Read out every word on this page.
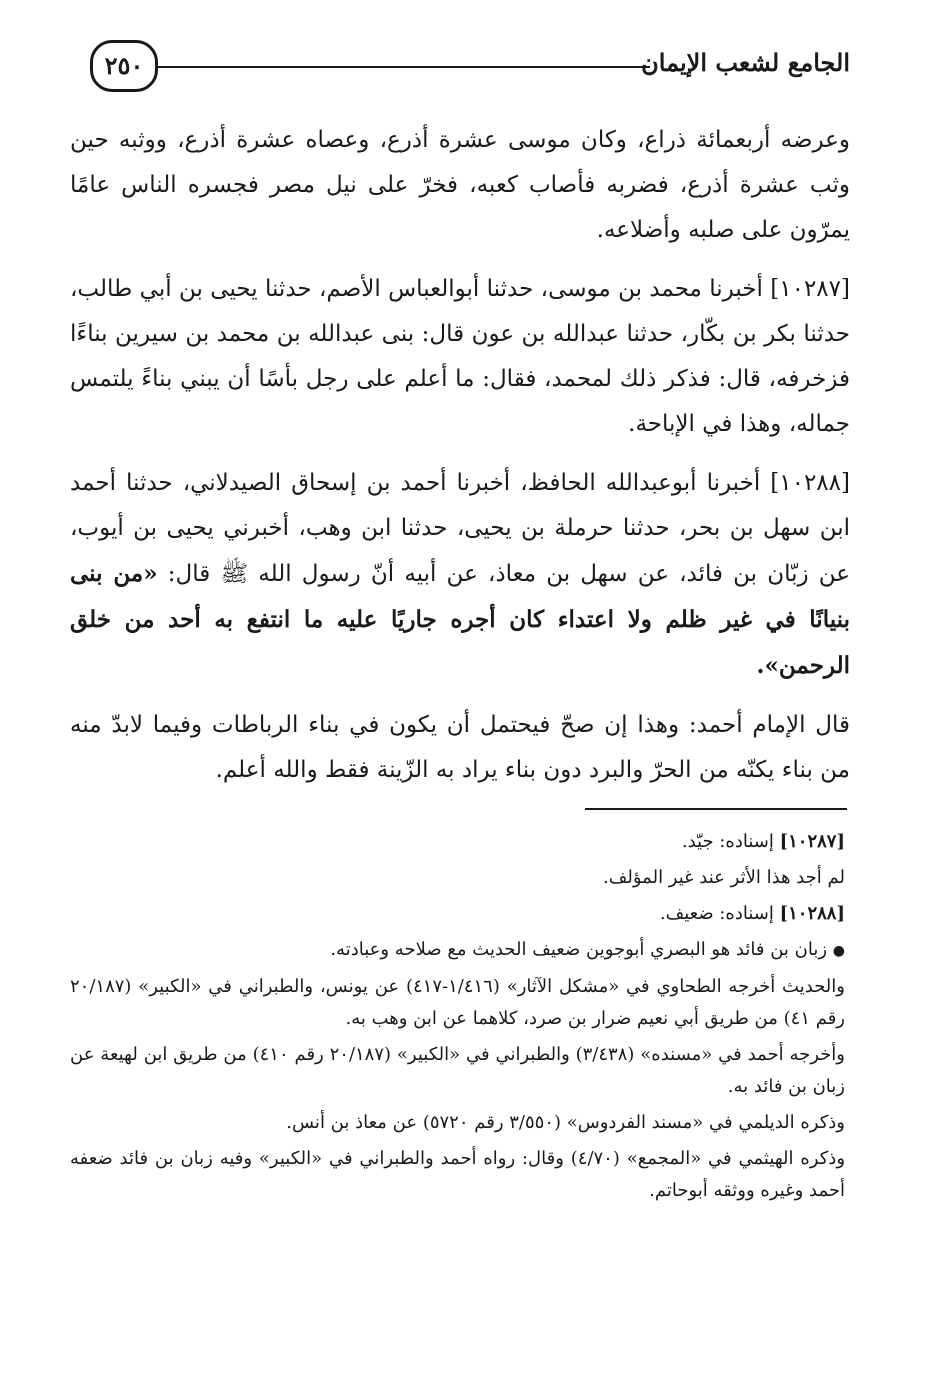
٢٥٠	الجامع لشعب الإيمان

وعرضه أربعمائة ذراع، وكان موسى عشرة أذرع، وعصاه عشرة أذرع، ووثبه حين وثب عشرة أذرع، فضربه فأصاب كعبه، فخرّ على نيل مصر فجسره الناس عامًا يمرّون على صلبه وأضلاعه.

[١٠٢٨٧] أخبرنا محمد بن موسى، حدثنا أبوالعباس الأصم، حدثنا يحيى بن أبي طالب، حدثنا بكر بن بكّار، حدثنا عبدالله بن عون قال: بنى عبدالله بن محمد بن سيرين بناءًا فزخرفه، قال: فذكر ذلك لمحمد، فقال: ما أعلم على رجل بأسًا أن يبني بناءً يلتمس جماله، وهذا في الإباحة.

[١٠٢٨٨] أخبرنا أبوعبدالله الحافظ، أخبرنا أحمد بن إسحاق الصيدلاني، حدثنا أحمد ابن سهل بن بحر، حدثنا حرملة بن يحيى، حدثنا ابن وهب، أخبرني يحيى بن أيوب، عن زبّان بن فائد، عن سهل بن معاذ، عن أبيه أنّ رسول الله ﷺ قال: «من بنى بنيانًا في غير ظلم ولا اعتداء كان أجره جاريًا عليه ما انتفع به أحد من خلق الرحمن».

قال الإمام أحمد: وهذا إن صحّ فيحتمل أن يكون في بناء الرباطات وفيما لابدّ منه من بناء يكنّه من الحرّ والبرد دون بناء يراد به الزّينة فقط والله أعلم.

[١٠٢٨٧] إسناده: جيّد.

لم أجد هذا الأثر عند غير المؤلف.

[١٠٢٨٨] إسناده: ضعيف.

● زبان بن فائد هو البصري أبوجوين ضعيف الحديث مع صلاحه وعبادته.

والحديث أخرجه الطحاوي في «مشكل الآثار» (١/٤١٦-٤١٧) عن يونس، والطبراني في «الكبير» (٢٠/١٨٧ رقم ٤١) من طريق أبي نعيم ضرار بن صرد، كلاهما عن ابن وهب به.

وأخرجه أحمد في «مسنده» (٣/٤٣٨) والطبراني في «الكبير» (٢٠/١٨٧ رقم ٤١٠) من طريق ابن لهيعة عن زبان بن فائد به.

وذكره الديلمي في «مسند الفردوس» (٣/٥٥٠ رقم ٥٧٢٠) عن معاذ بن أنس.

وذكره الهيثمي في «المجمع» (٤/٧٠) وقال: رواه أحمد والطبراني في «الكبير» وفيه زبان بن فائد ضعفه أحمد وغيره ووثقه أبوحاتم.
